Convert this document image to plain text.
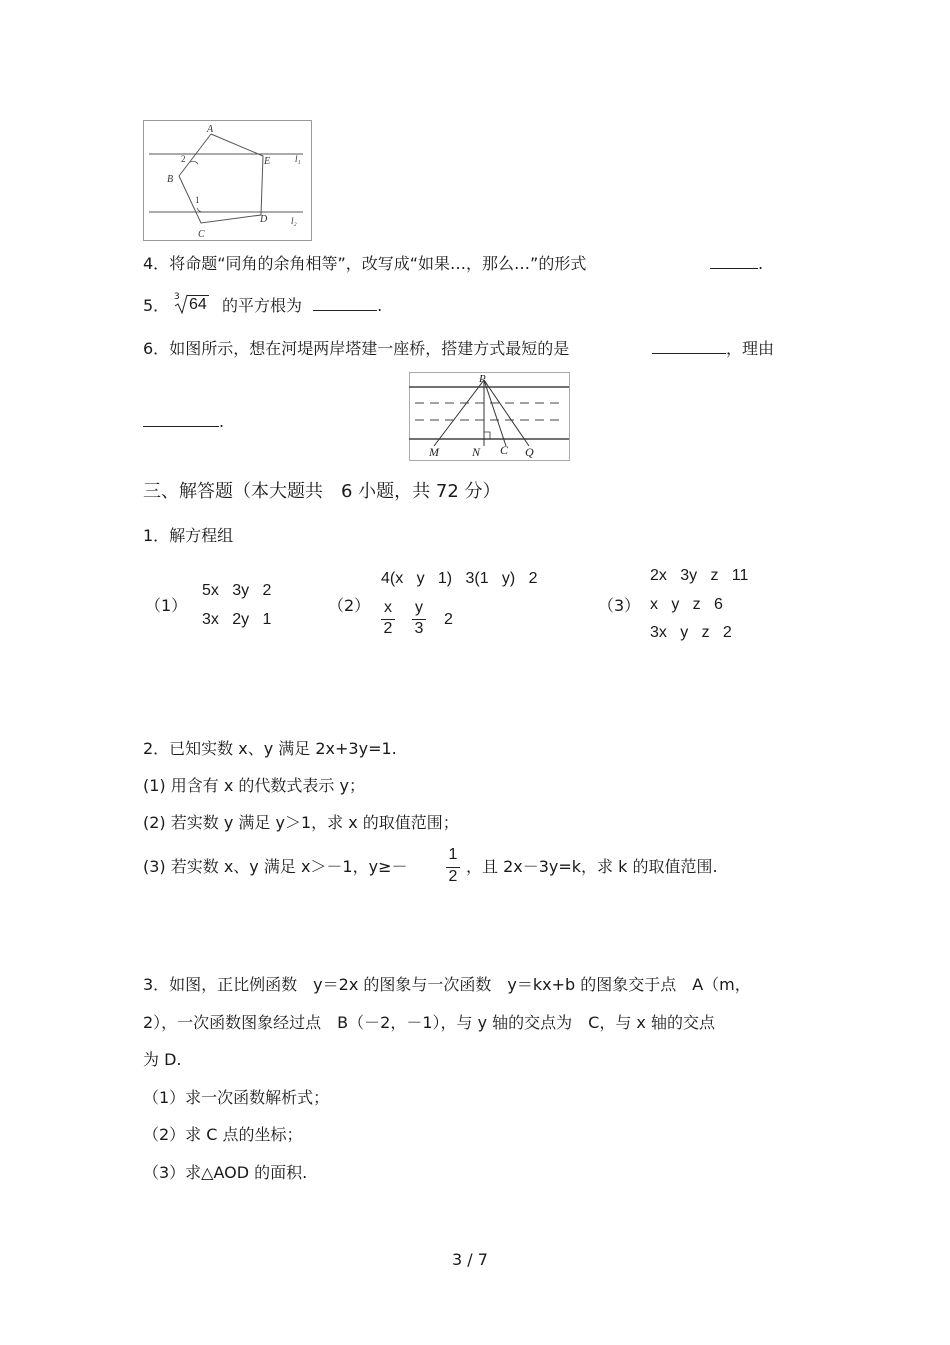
A
B
C
D
E
1
2	l₁
l₂
4．将命题“同角的余角相等”，改写成“如果…，那么…”的形式	.
5． 3 64 的平方根为	.
6．如图所示，想在河堤两岸塔建一座桥，搭建方式最短的是	，理由
.
P
M	N C Q
三、解答题（本大题共　6 小题，共 72 分）
1．解方程组
（1）
5x   3y   2
3x   2y   1
（2）
4(x   y   1)   3(1   y)   2
x
2
y
3
2
（3）
2x   3y   z   11
x   y   z   6
3x   y   z   2
2．已知实数 x、y 满足 2x+3y=1.
(1) 用含有 x 的代数式表示 y；
(2) 若实数 y 满足 y＞1，求 x 的取值范围；
(3) 若实数 x、y 满足 x＞－1，y≥－
1
2
，且 2x－3y=k，求 k 的取值范围.
3．如图，正比例函数　y＝2x 的图象与一次函数　y＝kx+b 的图象交于点　A（m，
2），一次函数图象经过点　B（－2，－1），与 y 轴的交点为　C，与 x 轴的交点
为 D.
（1）求一次函数解析式；
（2）求 C 点的坐标；
（3）求△AOD 的面积.
3 / 7
